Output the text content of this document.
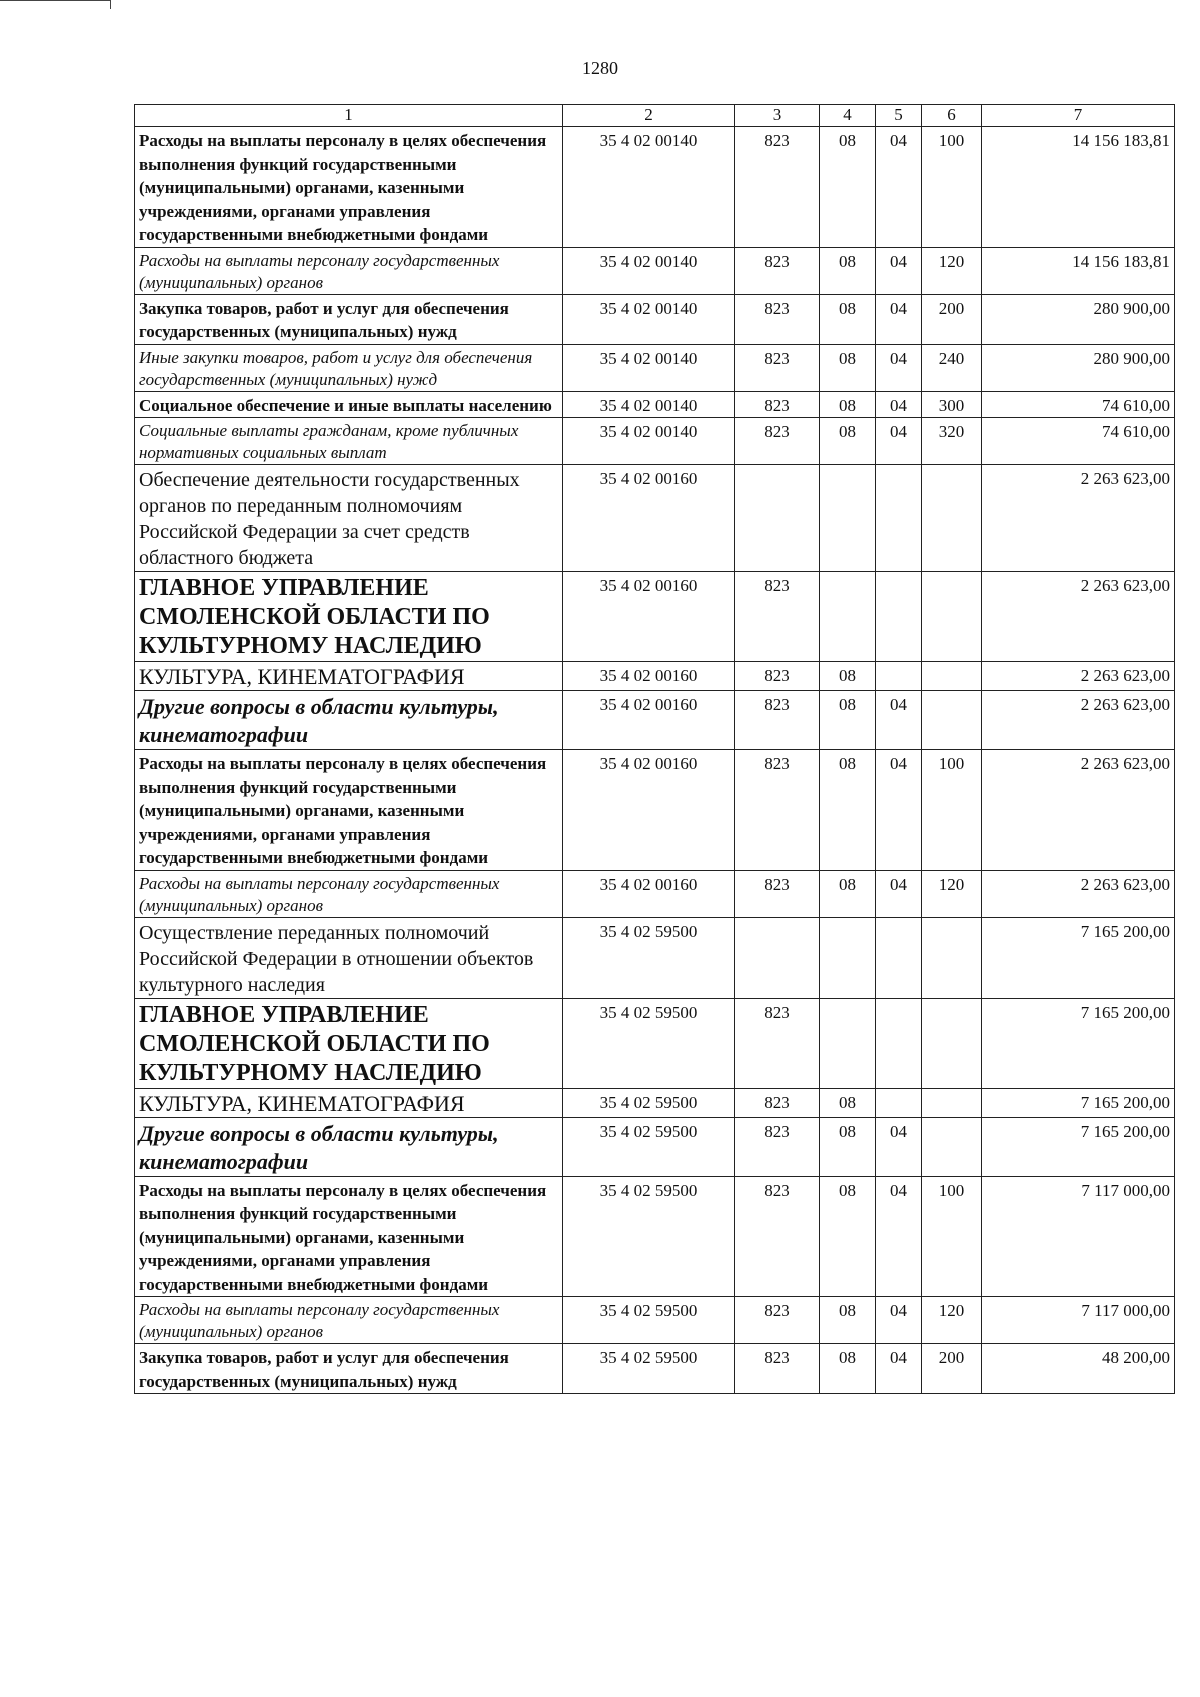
1280
1	2	3	4	5	6	7
Расходы на выплаты персоналу в целях обеспечения выполнения функций государственными (муниципальными) органами, казенными учреждениями, органами управления государственными внебюджетными фондами	35 4 02 00140	823	08	04	100	14 156 183,81
Расходы на выплаты персоналу государственных (муниципальных) органов	35 4 02 00140	823	08	04	120	14 156 183,81
Закупка товаров, работ и услуг для обеспечения государственных (муниципальных) нужд	35 4 02 00140	823	08	04	200	280 900,00
Иные закупки товаров, работ и услуг для обеспечения государственных (муниципальных) нужд	35 4 02 00140	823	08	04	240	280 900,00
Социальное обеспечение и иные выплаты населению	35 4 02 00140	823	08	04	300	74 610,00
Социальные выплаты гражданам, кроме публичных нормативных социальных выплат	35 4 02 00140	823	08	04	320	74 610,00
Обеспечение деятельности государственных органов по переданным полномочиям Российской Федерации за счет средств областного бюджета	35 4 02 00160					2 263 623,00
ГЛАВНОЕ УПРАВЛЕНИЕ СМОЛЕНСКОЙ ОБЛАСТИ ПО КУЛЬТУРНОМУ НАСЛЕДИЮ	35 4 02 00160	823				2 263 623,00
КУЛЬТУРА, КИНЕМАТОГРАФИЯ	35 4 02 00160	823	08			2 263 623,00
Другие вопросы в области культуры, кинематографии	35 4 02 00160	823	08	04		2 263 623,00
Расходы на выплаты персоналу в целях обеспечения выполнения функций государственными (муниципальными) органами, казенными учреждениями, органами управления государственными внебюджетными фондами	35 4 02 00160	823	08	04	100	2 263 623,00
Расходы на выплаты персоналу государственных (муниципальных) органов	35 4 02 00160	823	08	04	120	2 263 623,00
Осуществление переданных полномочий Российской Федерации в отношении объектов культурного наследия	35 4 02 59500					7 165 200,00
ГЛАВНОЕ УПРАВЛЕНИЕ СМОЛЕНСКОЙ ОБЛАСТИ ПО КУЛЬТУРНОМУ НАСЛЕДИЮ	35 4 02 59500	823				7 165 200,00
КУЛЬТУРА, КИНЕМАТОГРАФИЯ	35 4 02 59500	823	08			7 165 200,00
Другие вопросы в области культуры, кинематографии	35 4 02 59500	823	08	04		7 165 200,00
Расходы на выплаты персоналу в целях обеспечения выполнения функций государственными (муниципальными) органами, казенными учреждениями, органами управления государственными внебюджетными фондами	35 4 02 59500	823	08	04	100	7 117 000,00
Расходы на выплаты персоналу государственных (муниципальных) органов	35 4 02 59500	823	08	04	120	7 117 000,00
Закупка товаров, работ и услуг для обеспечения государственных (муниципальных) нужд	35 4 02 59500	823	08	04	200	48 200,00
